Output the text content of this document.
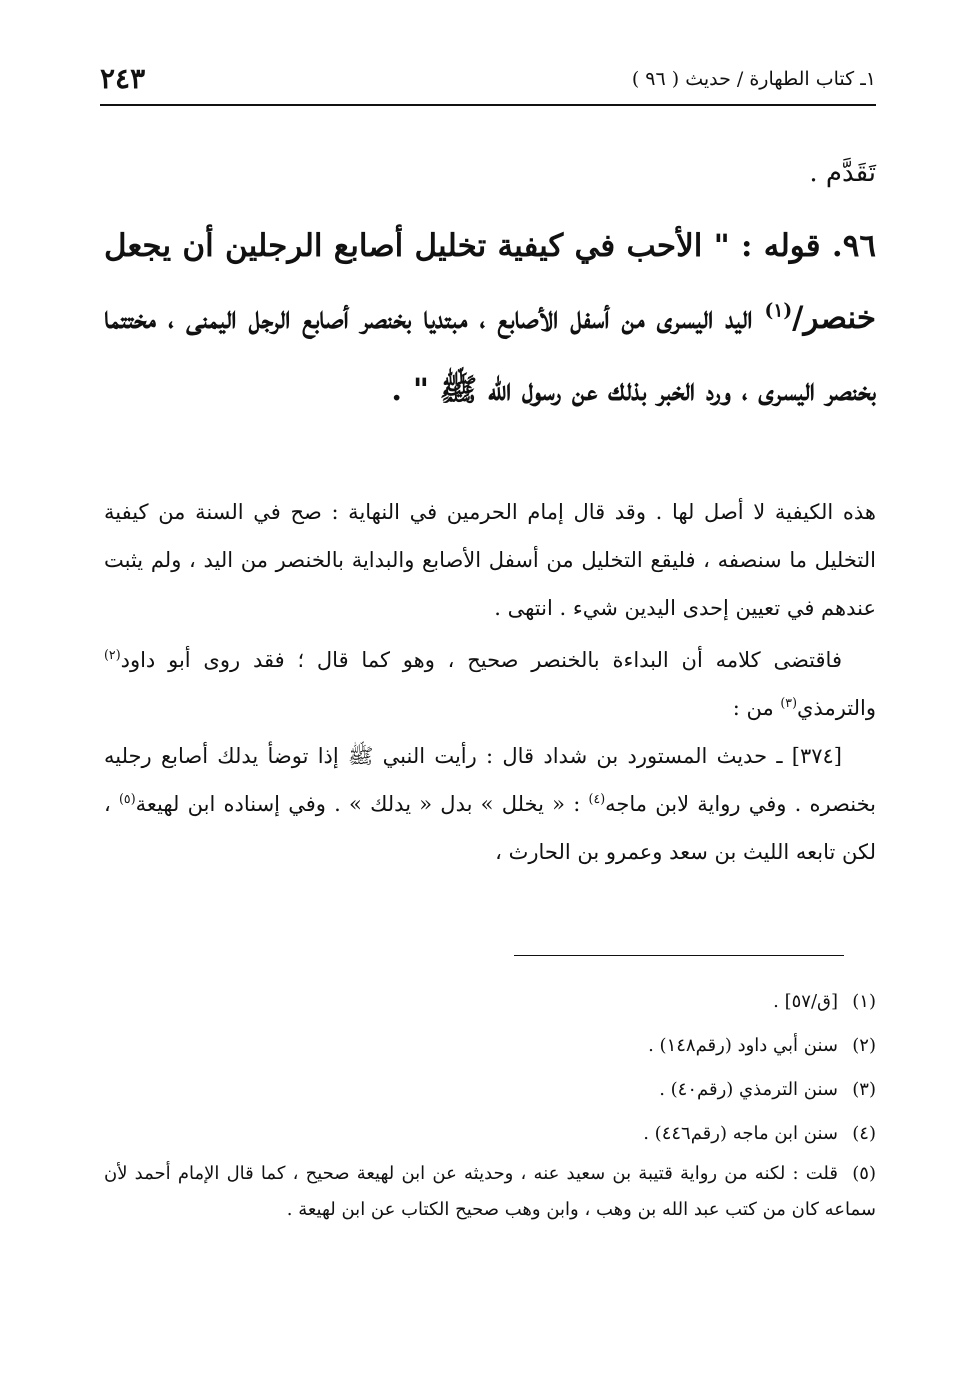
١ـ كتاب الطهارة / حديث ( ٩٦ )
٢٤٣
تَقَدَّم .
٩٦. قوله : " الأحب في كيفية تخليل أصابع الرجلين أن يجعل خنصر/$^{(١)}$ اليد اليسرى من أسفل الأصابع ، مبتديا بخنصر أصابع الرجل اليمنى ، مختتما بخنصر اليسرى ، ورد الخبر بذلك عن رسول الله ﷺ " .
هذه الكيفية لا أصل لها . وقد قال إمام الحرمين في النهاية : صح في السنة من كيفية التخليل ما سنصفه ، فليقع التخليل من أسفل الأصابع والبداية بالخنصر من اليد ، ولم يثبت عندهم في تعيين إحدى اليدين شيء . انتهى .
فاقتضى كلامه أن البداءة بالخنصر صحيح ، وهو كما قال ؛ فقد روى أبو داود$^{(٢)}$ والترمذي$^{(٣)}$ من :
[٣٧٤] ـ حديث المستورد بن شداد قال : رأيت النبي ﷺ إذا توضأ يدلك أصابع رجليه بخنصره . وفي رواية لابن ماجه$^{(٤)}$ : « يخلل » بدل « يدلك » . وفي إسناده ابن لهيعة$^{(٥)}$ ، لكن تابعه الليث بن سعد وعمرو بن الحارث ،
(١)[ق/٥٧] .
(٢)سنن أبي داود (رقم١٤٨) .
(٣)سنن الترمذي (رقم٤٠) .
(٤)سنن ابن ماجه (رقم٤٤٦) .
(٥)قلت : لكنه من رواية قتيبة بن سعيد عنه ، وحديثه عن ابن لهيعة صحيح ، كما قال الإمام أحمد لأن سماعه كان من كتب عبد الله بن وهب ، وابن وهب صحيح الكتاب عن ابن لهيعة .
